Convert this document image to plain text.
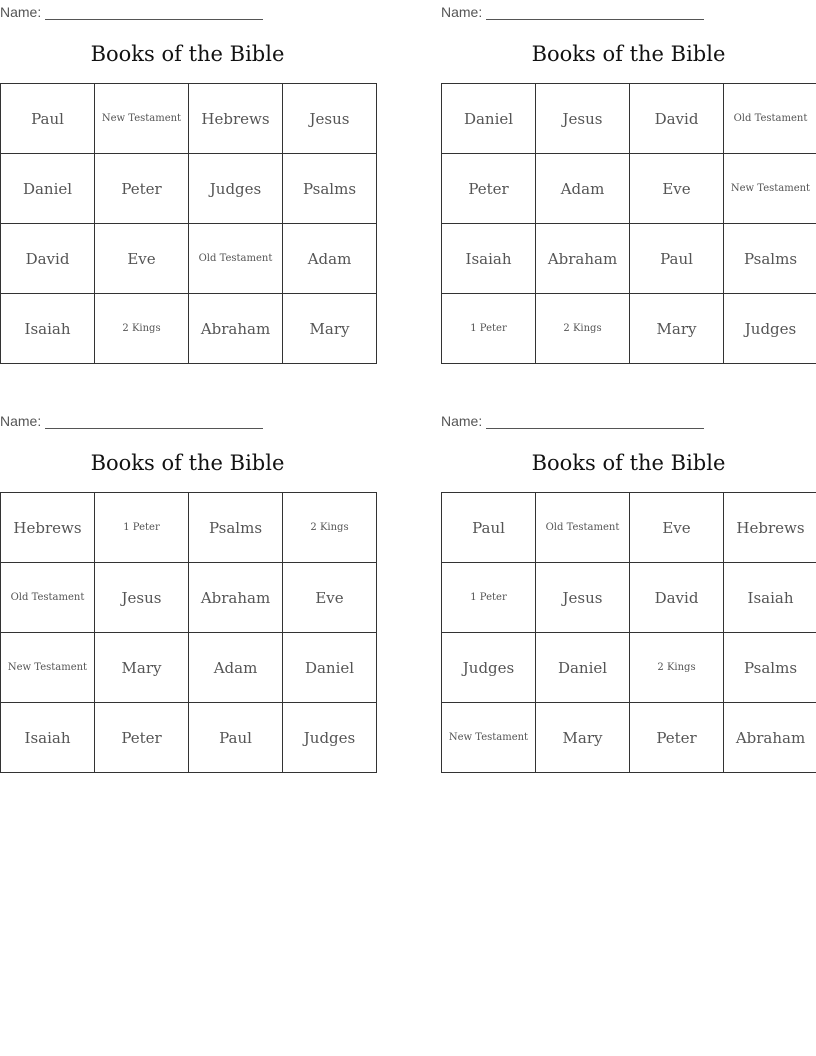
Name:
Books of the Bible
Paul	New Testament	Hebrews	Jesus
Daniel	Peter	Judges	Psalms
David	Eve	Old Testament	Adam
Isaiah	2 Kings	Abraham	Mary
Name:
Books of the Bible
Daniel	Jesus	David	Old Testament
Peter	Adam	Eve	New Testament
Isaiah	Abraham	Paul	Psalms
1 Peter	2 Kings	Mary	Judges
Name:
Books of the Bible
Hebrews	1 Peter	Psalms	2 Kings
Old Testament	Jesus	Abraham	Eve
New Testament	Mary	Adam	Daniel
Isaiah	Peter	Paul	Judges
Name:
Books of the Bible
Paul	Old Testament	Eve	Hebrews
1 Peter	Jesus	David	Isaiah
Judges	Daniel	2 Kings	Psalms
New Testament	Mary	Peter	Abraham
